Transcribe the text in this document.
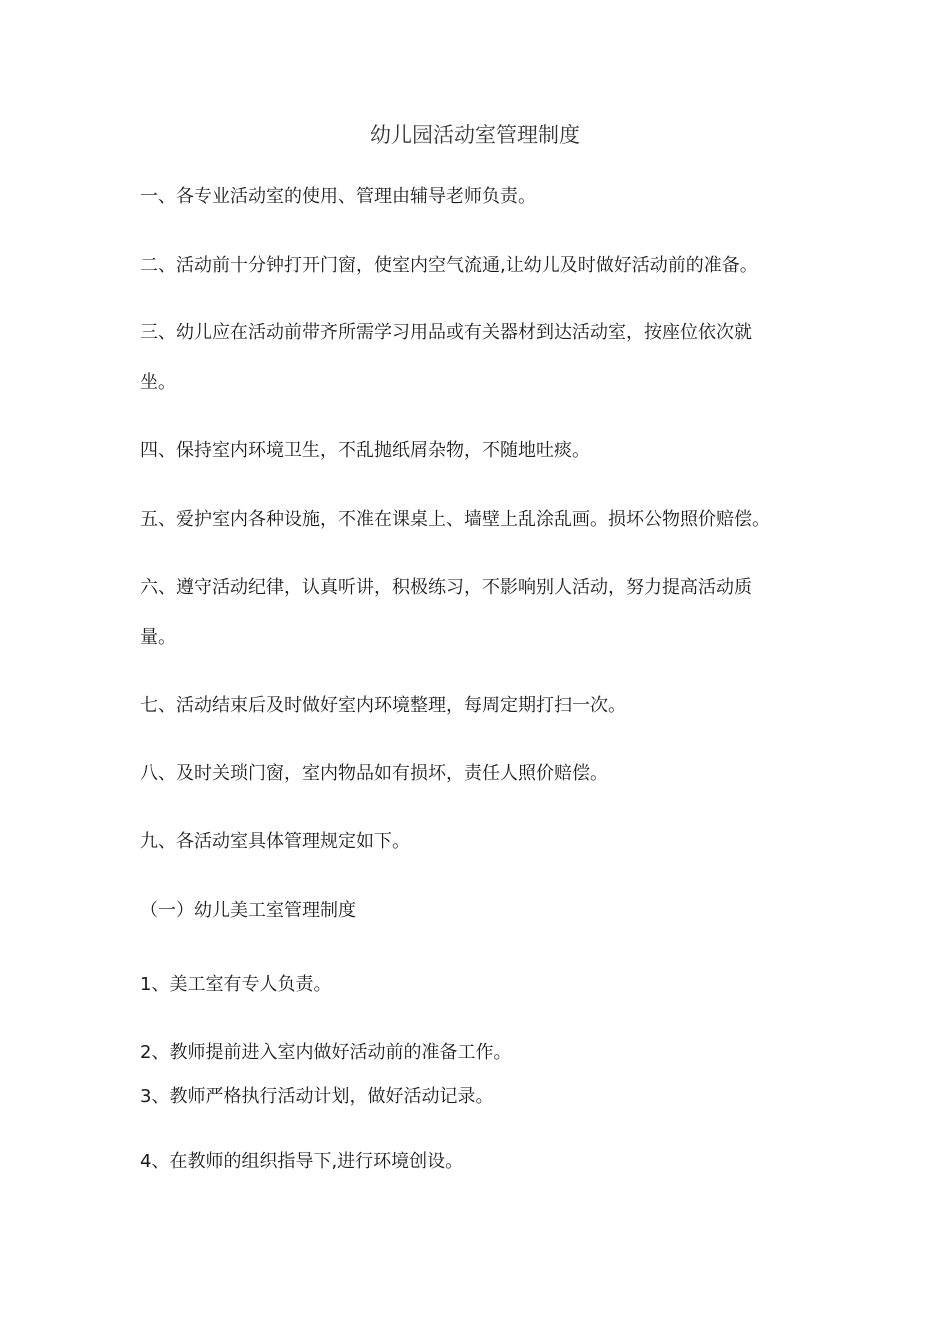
幼儿园活动室管理制度

一、各专业活动室的使用、管理由辅导老师负责。

二、活动前十分钟打开门窗，使室内空气流通,让幼儿及时做好活动前的准备。

三、幼儿应在活动前带齐所需学习用品或有关器材到达活动室，按座位依次就

坐。

四、保持室内环境卫生，不乱抛纸屑杂物，不随地吐痰。

五、爱护室内各种设施，不准在课桌上、墙壁上乱涂乱画。损坏公物照价赔偿。

六、遵守活动纪律，认真听讲，积极练习，不影响别人活动，努力提高活动质

量。

七、活动结束后及时做好室内环境整理，每周定期打扫一次。

八、及时关琐门窗，室内物品如有损坏，责任人照价赔偿。

九、各活动室具体管理规定如下。

（一）幼儿美工室管理制度

1、美工室有专人负责。

2、教师提前进入室内做好活动前的准备工作。

3、教师严格执行活动计划，做好活动记录。

4、在教师的组织指导下,进行环境创设。
